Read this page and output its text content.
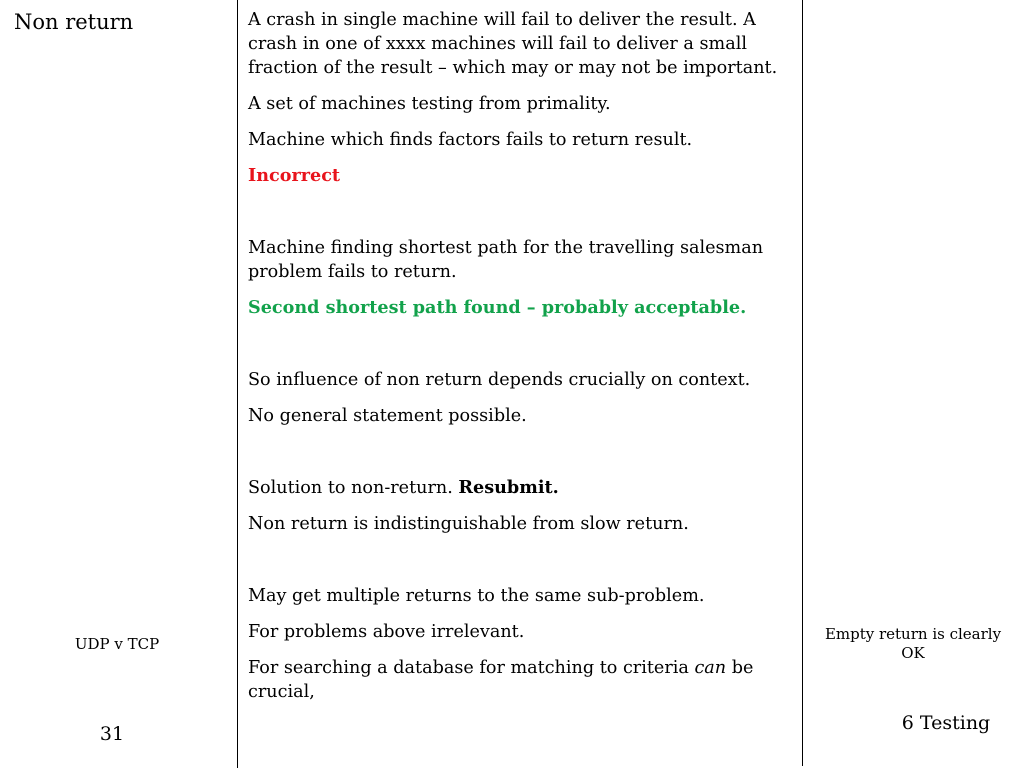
Non return
UDP v TCP
31
Empty return is clearly OK
6 Testing

A crash in single machine will fail to deliver the result. A crash in one of xxxx machines will fail to deliver a small fraction of the result – which may or may not be important.

A set of machines testing from primality.

Machine which finds factors fails to return result.

Incorrect

Machine finding shortest path for the travelling salesman problem fails to return.

Second shortest path found – probably acceptable.

So influence of non return depends crucially on context.

No general statement possible.

Solution to non-return. Resubmit.

Non return is indistinguishable from slow return.

May get multiple returns to the same sub-problem.

For problems above irrelevant.

For searching a database for matching to criteria can be crucial,
